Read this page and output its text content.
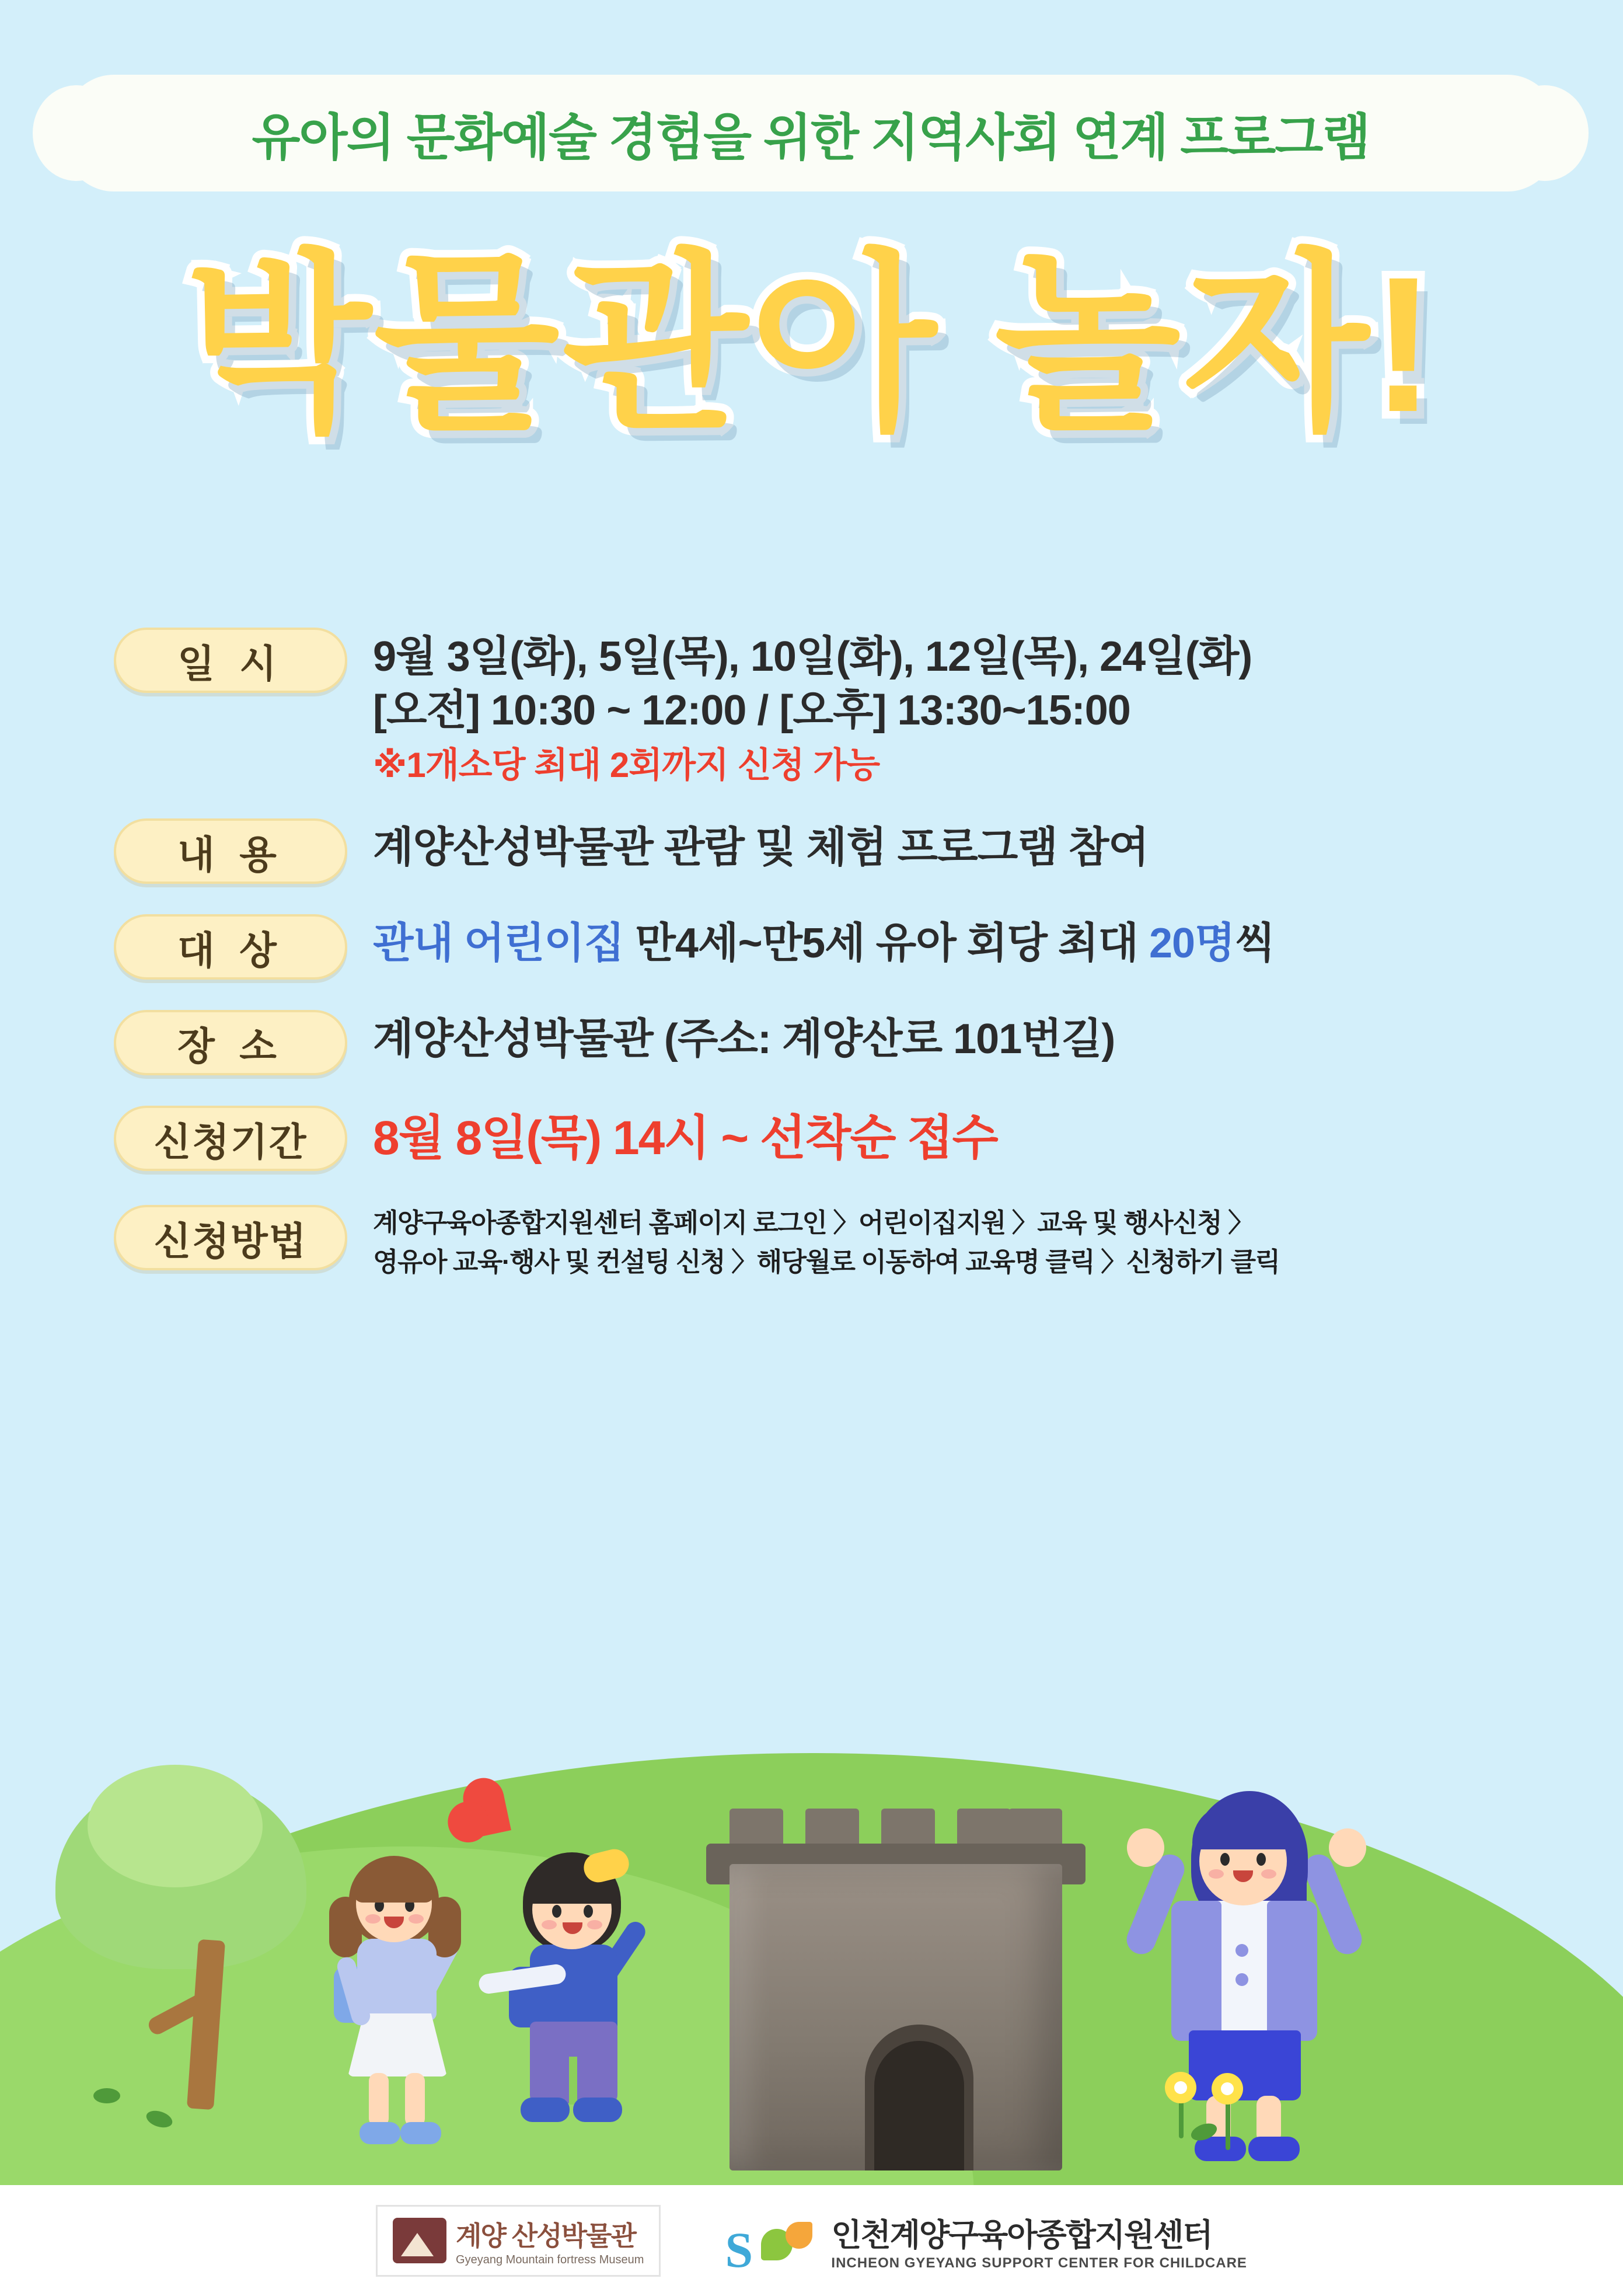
유아의 문화예술 경험을 위한 지역사회 연계 프로그램
박물관아 놀자!
일 시	9월 3일(화), 5일(목), 10일(화), 12일(목), 24일(화)
[오전] 10:30 ~ 12:00 / [오후] 13:30~15:00
※1개소당 최대 2회까지 신청 가능
내 용	계양산성박물관 관람 및 체험 프로그램 참여
대 상	관내 어린이집 만4세~만5세 유아 회당 최대 20명씩
장 소	계양산성박물관 (주소: 계양산로 101번길)
신청기간	8월 8일(목) 14시 ~ 선착순 접수
신청방법	계양구육아종합지원센터 홈페이지 로그인 〉어린이집지원 〉교육 및 행사신청 〉
영유아 교육·행사 및 컨설팅 신청 〉해당월로 이동하여 교육명 클릭 〉신청하기 클릭
계양 산성박물관
Gyeyang Mountain fortress Museum S 인천계양구육아종합지원센터
INCHEON GYEYANG SUPPORT CENTER FOR CHILDCARE
